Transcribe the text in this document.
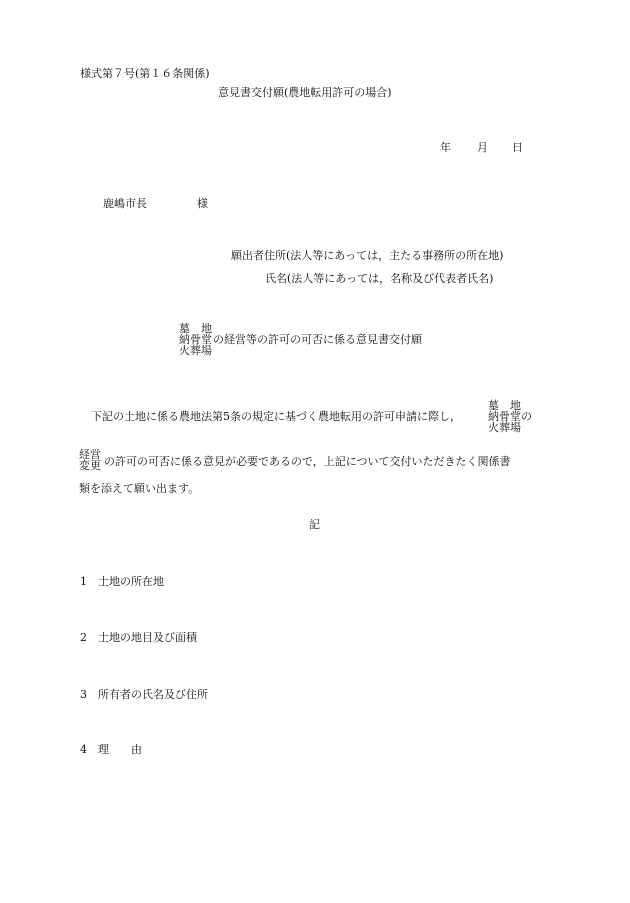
様式第７号(第１６条関係)
意見書交付願(農地転用許可の場合)
年 月 日
鹿嶋市長	様
願出者住所(法人等にあっては，主たる事務所の所在地)
氏名(法人等にあっては，名称及び代表者氏名)
墓　地
納骨堂
火葬場
の経営等の許可の可否に係る意見書交付願
下記の土地に係る農地法第5条の規定に基づく農地転用の許可申請に際し，
墓　地
納骨堂の
火葬場
経営
変更 の許可の可否に係る意見が必要であるので，上記について交付いただきたく関係書
類を添えて願い出ます。
記
1 土地の所在地
2 土地の地目及び面積
3 所有者の氏名及び住所
4 理　　由
